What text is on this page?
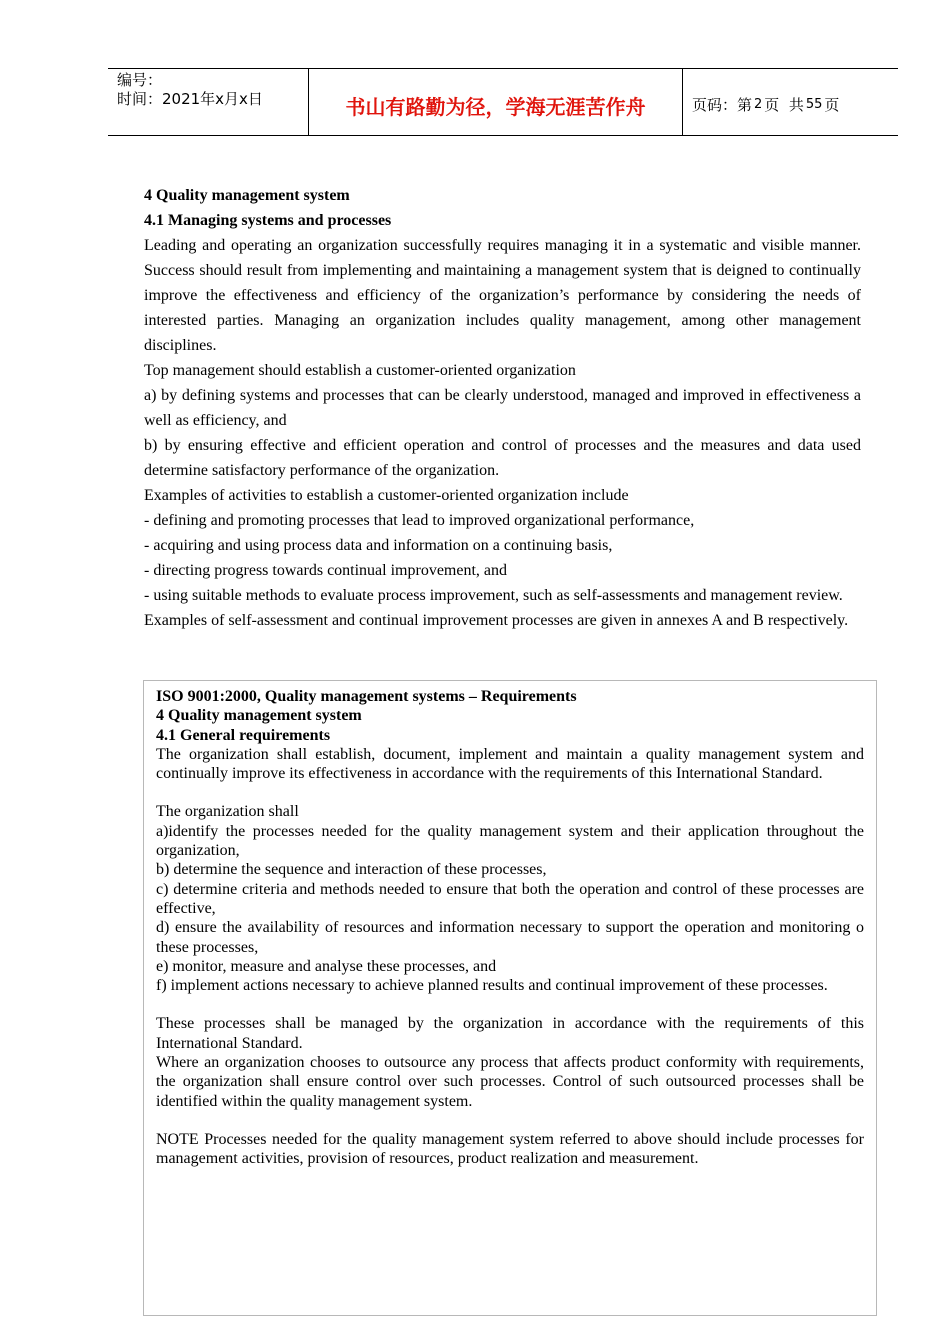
编号：
时间：2021年x月x日	书山有路勤为径，学海无涯苦作舟	页码：第 2 页  共 55 页

4 Quality management system

4.1 Managing systems and processes

Leading and operating an organization successfully requires managing it in a systematic and visible manner. Success should result from implementing and maintaining a management system that is deigned to continually improve the effectiveness and efficiency of the organization’s performance by considering the needs of interested parties. Managing an organization includes quality management, among other management disciplines.

Top management should establish a customer-oriented organization

a) by defining systems and processes that can be clearly understood, managed and improved in effectiveness a well as efficiency, and

b) by ensuring effective and efficient operation and control of processes and the measures and data used determine satisfactory performance of the organization.

Examples of activities to establish a customer-oriented organization include

- defining and promoting processes that lead to improved organizational performance,

- acquiring and using process data and information on a continuing basis,

- directing progress towards continual improvement, and

- using suitable methods to evaluate process improvement, such as self-assessments and management review.

Examples of self-assessment and continual improvement processes are given in annexes A and B respectively.

ISO 9001:2000, Quality management systems – Requirements

4 Quality management system

4.1 General requirements

The organization shall establish, document, implement and maintain a quality management system and continually improve its effectiveness in accordance with the requirements of this International Standard.

The organization shall

a)identify the processes needed for the quality management system and their application throughout the organization,

b) determine the sequence and interaction of these processes,

c) determine criteria and methods needed to ensure that both the operation and control of these processes are effective,

d) ensure the availability of resources and information necessary to support the operation and monitoring o these processes,

e) monitor, measure and analyse these processes, and

f) implement actions necessary to achieve planned results and continual improvement of these processes.

These processes shall be managed by the organization in accordance with the requirements of this International Standard.

Where an organization chooses to outsource any process that affects product conformity with requirements, the organization shall ensure control over such processes. Control of such outsourced processes shall be identified within the quality management system.

NOTE Processes needed for the quality management system referred to above should include processes for management activities, provision of resources, product realization and measurement.
